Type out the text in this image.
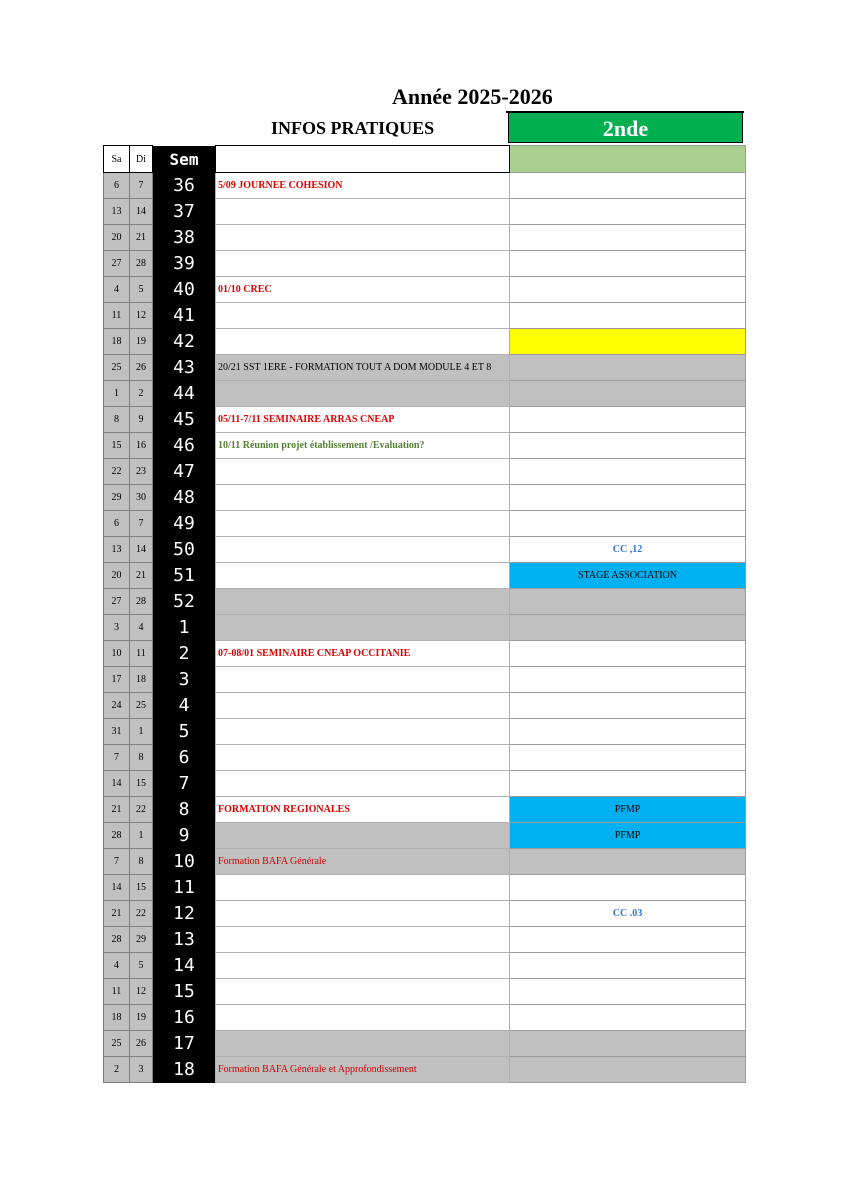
Année 2025-2026
INFOS PRATIQUES	2nde
Sa	Di	Sem		
6	7	36	5/09 JOURNEE COHESION	
13	14	37		
20	21	38		
27	28	39		
4	5	40	01/10 CREC	
11	12	41		
18	19	42		
25	26	43	20/21 SST 1ERE - FORMATION TOUT A DOM MODULE 4 ET 8	
1	2	44		
8	9	45	05/11-7/11 SEMINAIRE ARRAS CNEAP	
15	16	46	10/11 Réunion projet établissement /Evaluation?	
22	23	47		
29	30	48		
6	7	49		
13	14	50		CC ,12
20	21	51		STAGE ASSOCIATION
27	28	52		
3	4	1		
10	11	2	07-08/01 SEMINAIRE CNEAP OCCITANIE	
17	18	3		
24	25	4		
31	1	5		
7	8	6		
14	15	7		
21	22	8	FORMATION REGIONALES	PFMP
28	1	9		PFMP
7	8	10	Formation BAFA Générale	
14	15	11		
21	22	12		CC .03
28	29	13		
4	5	14		
11	12	15		
18	19	16		
25	26	17		
2	3	18	Formation BAFA Générale et Approfondissement	
